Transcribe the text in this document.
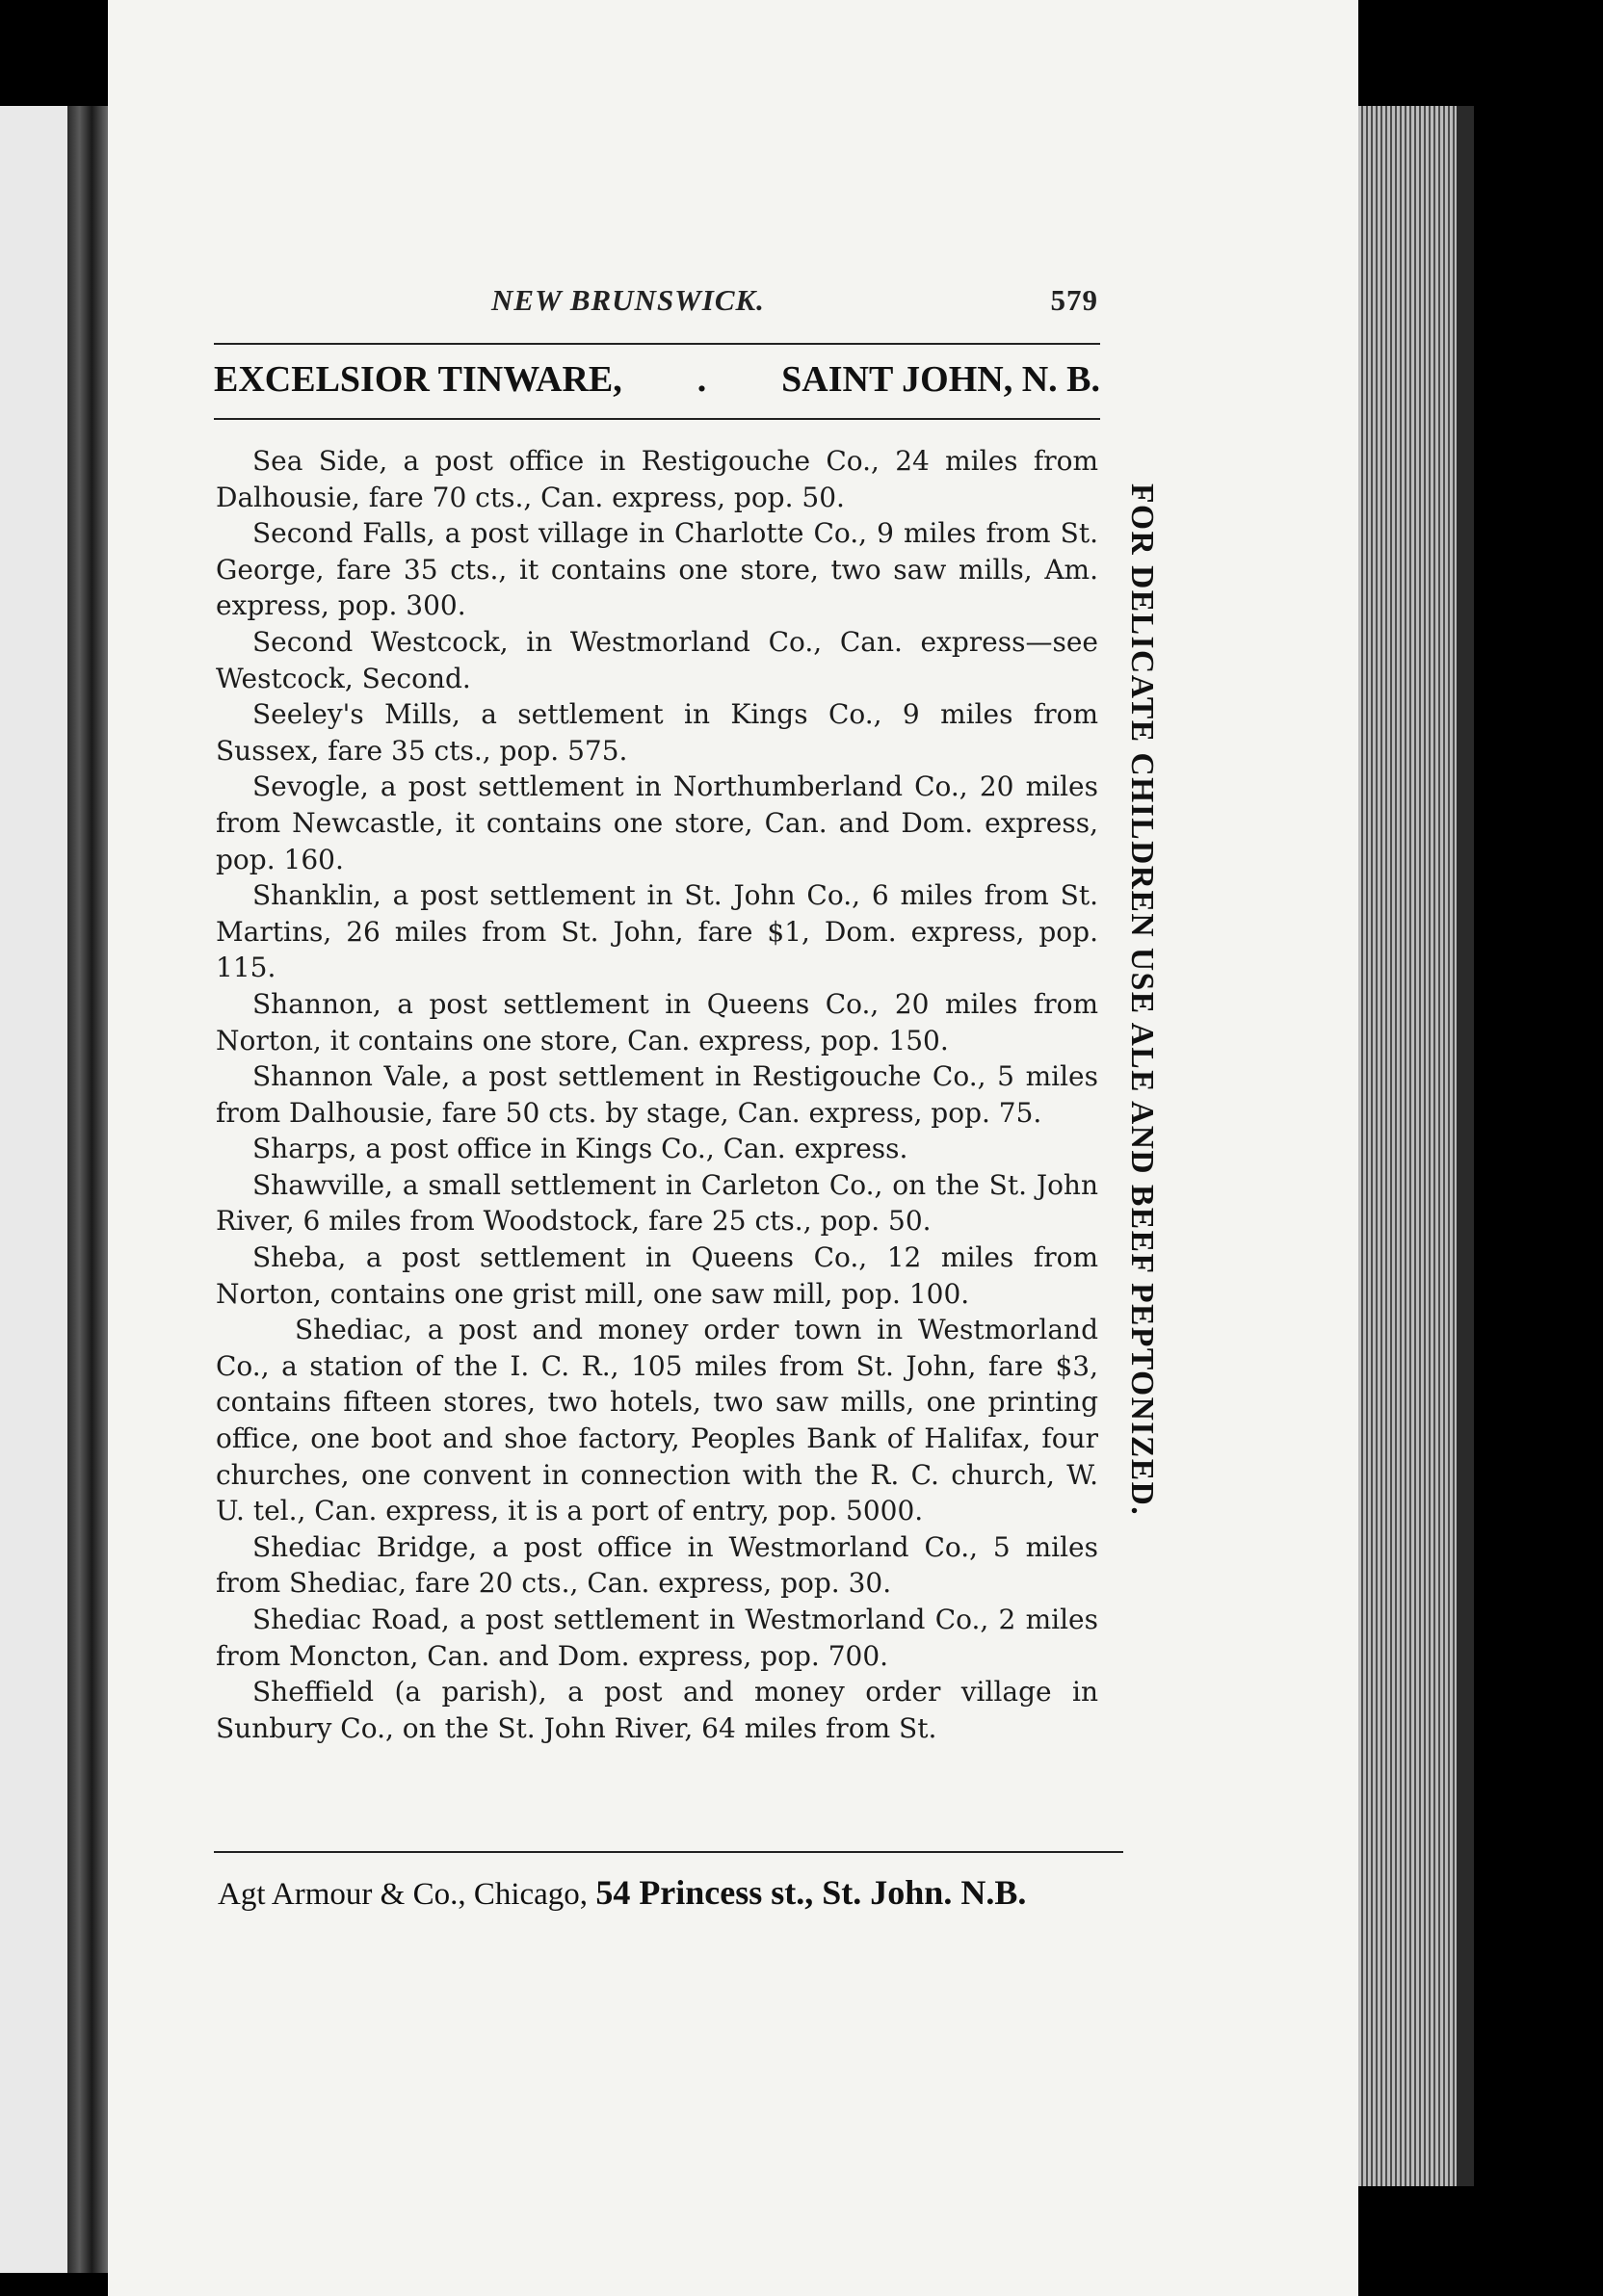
NEW BRUNSWICK.	579
EXCELSIOR TINWARE, . SAINT JOHN, N. B.

Sea Side, a post office in Restigouche Co., 24 miles from Dalhousie, fare 70 cts., Can. express, pop. 50.

Second Falls, a post village in Charlotte Co., 9 miles from St. George, fare 35 cts., it contains one store, two saw mills, Am. express, pop. 300.

Second Westcock, in Westmorland Co., Can. express—see Westcock, Second.

Seeley's Mills, a settlement in Kings Co., 9 miles from Sussex, fare 35 cts., pop. 575.

Sevogle, a post settlement in Northumberland Co., 20 miles from Newcastle, it contains one store, Can. and Dom. express, pop. 160.

Shanklin, a post settlement in St. John Co., 6 miles from St. Martins, 26 miles from St. John, fare $1, Dom. express, pop. 115.

Shannon, a post settlement in Queens Co., 20 miles from Norton, it contains one store, Can. express, pop. 150.

Shannon Vale, a post settlement in Restigouche Co., 5 miles from Dalhousie, fare 50 cts. by stage, Can. express, pop. 75.

Sharps, a post office in Kings Co., Can. express.

Shawville, a small settlement in Carleton Co., on the St. John River, 6 miles from Woodstock, fare 25 cts., pop. 50.

Sheba, a post settlement in Queens Co., 12 miles from Norton, contains one grist mill, one saw mill, pop. 100.

Shediac, a post and money order town in Westmorland Co., a station of the I. C. R., 105 miles from St. John, fare $3, contains fifteen stores, two hotels, two saw mills, one printing office, one boot and shoe factory, Peoples Bank of Halifax, four churches, one convent in connection with the R. C. church, W. U. tel., Can. express, it is a port of entry, pop. 5000.

Shediac Bridge, a post office in Westmorland Co., 5 miles from Shediac, fare 20 cts., Can. express, pop. 30.

Shediac Road, a post settlement in Westmorland Co., 2 miles from Moncton, Can. and Dom. express, pop. 700.

Sheffield (a parish), a post and money order village in Sunbury Co., on the St. John River, 64 miles from St.

Agt Armour & Co., Chicago, 54 Princess st., St. John. N.B.
FOR DELICATE CHILDREN USE ALE AND BEEF PEPTONIZED.
